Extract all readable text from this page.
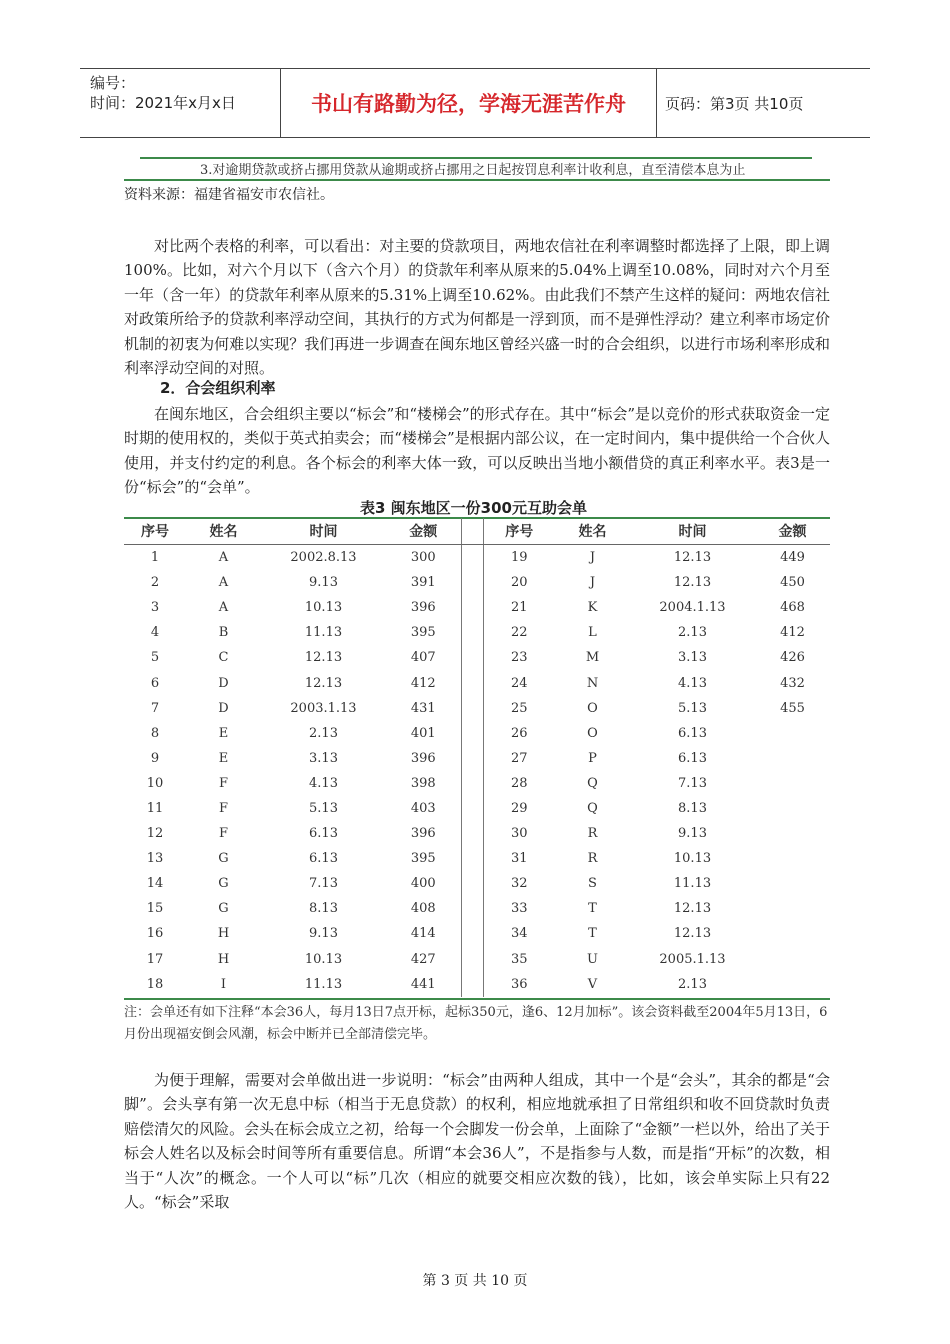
编号：
时间：2021年x月x日	书山有路勤为径，学海无涯苦作舟	页码：第3页 共10页
3.对逾期贷款或挤占挪用贷款从逾期或挤占挪用之日起按罚息利率计收利息，直至清偿本息为止
资料来源：福建省福安市农信社。

对比两个表格的利率，可以看出：对主要的贷款项目，两地农信社在利率调整时都选择了上限，即上调100%。比如，对六个月以下（含六个月）的贷款年利率从原来的5.04%上调至10.08%，同时对六个月至一年（含一年）的贷款年利率从原来的5.31%上调至10.62%。由此我们不禁产生这样的疑问：两地农信社对政策所给予的贷款利率浮动空间，其执行的方式为何都是一浮到顶，而不是弹性浮动？建立利率市场定价机制的初衷为何难以实现？我们再进一步调查在闽东地区曾经兴盛一时的合会组织，以进行市场利率形成和利率浮动空间的对照。

2．合会组织利率

在闽东地区，合会组织主要以“标会”和“楼梯会”的形式存在。其中“标会”是以竞价的形式获取资金一定时期的使用权的，类似于英式拍卖会；而“楼梯会”是根据内部公议，在一定时间内，集中提供给一个合伙人使用，并支付约定的利息。各个标会的利率大体一致，可以反映出当地小额借贷的真正利率水平。表3是一份“标会”的“会单”。

表3 闽东地区一份300元互助会单
序号	姓名	时间	金额		序号	姓名	时间	金额
1	A	2002.8.13	300		19	J	12.13	449
2	A	9.13	391		20	J	12.13	450
3	A	10.13	396		21	K	2004.1.13	468
4	B	11.13	395		22	L	2.13	412
5	C	12.13	407		23	M	3.13	426
6	D	12.13	412		24	N	4.13	432
7	D	2003.1.13	431		25	O	5.13	455
8	E	2.13	401		26	O	6.13	
9	E	3.13	396		27	P	6.13	
10	F	4.13	398		28	Q	7.13	
11	F	5.13	403		29	Q	8.13	
12	F	6.13	396		30	R	9.13	
13	G	6.13	395		31	R	10.13	
14	G	7.13	400		32	S	11.13	
15	G	8.13	408		33	T	12.13	
16	H	9.13	414		34	T	12.13	
17	H	10.13	427		35	U	2005.1.13	
18	I	11.13	441		36	V	2.13	

注：会单还有如下注释“本会36人，每月13日7点开标，起标350元，逢6、12月加标”。该会资料截至2004年5月13日，6月份出现福安倒会风潮，标会中断并已全部清偿完毕。

为便于理解，需要对会单做出进一步说明：“标会”由两种人组成，其中一个是“会头”，其余的都是“会脚”。会头享有第一次无息中标（相当于无息贷款）的权利，相应地就承担了日常组织和收不回贷款时负责赔偿清欠的风险。会头在标会成立之初，给每一个会脚发一份会单，上面除了“金额”一栏以外，给出了关于标会人姓名以及标会时间等所有重要信息。所谓“本会36人”，不是指参与人数，而是指“开标”的次数，相当于“人次”的概念。一个人可以“标”几次（相应的就要交相应次数的钱），比如，该会单实际上只有22人。“标会”采取

第 3 页 共 10 页
